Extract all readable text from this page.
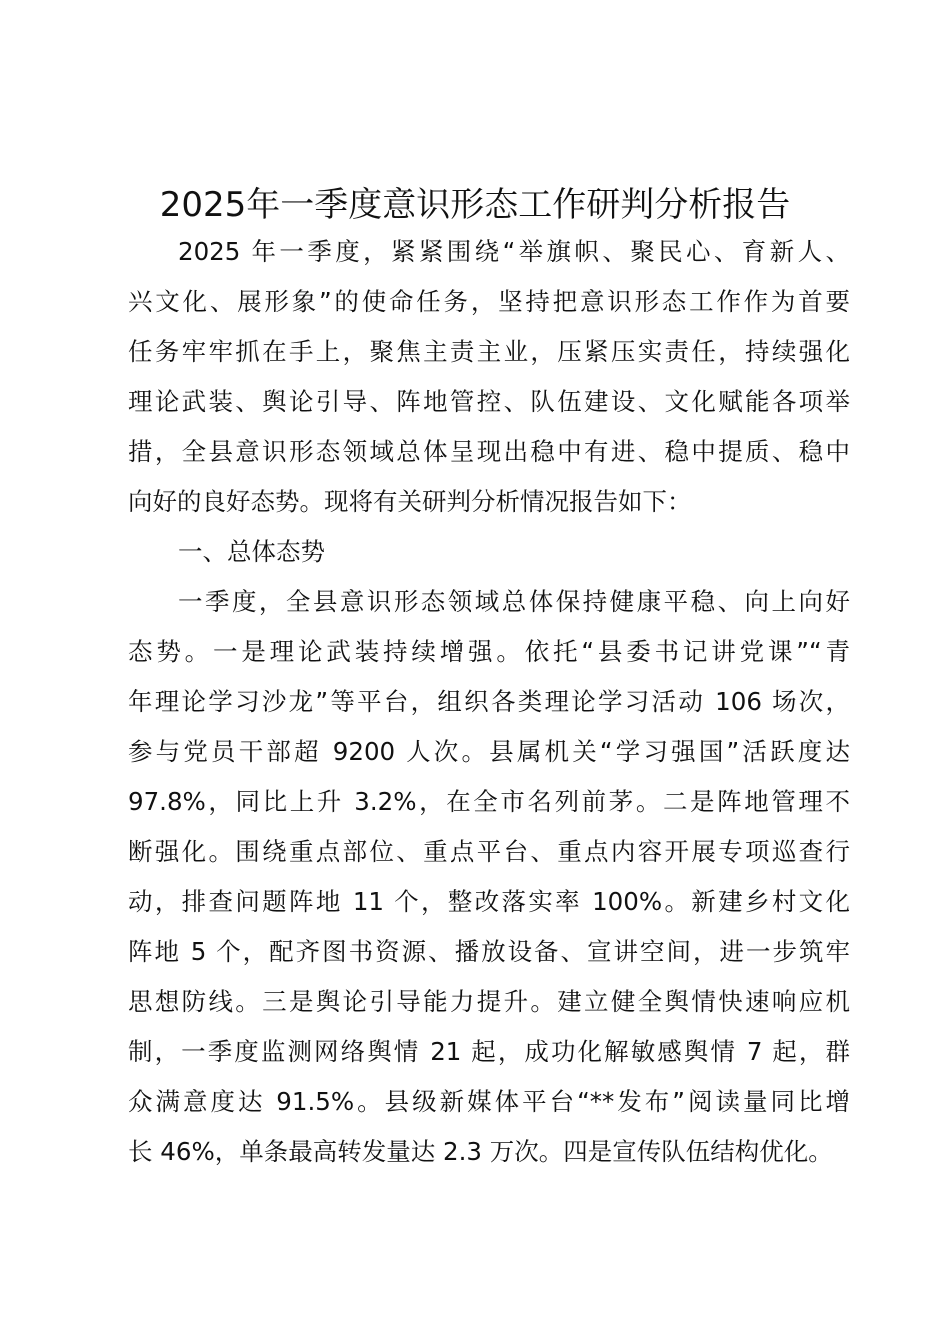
2025年一季度意识形态工作研判分析报告
2025 年一季度，紧紧围绕“举旗帜、聚民心、育新人、
兴文化、展形象”的使命任务，坚持把意识形态工作作为首要
任务牢牢抓在手上，聚焦主责主业，压紧压实责任，持续强化
理论武装、舆论引导、阵地管控、队伍建设、文化赋能各项举
措，全县意识形态领域总体呈现出稳中有进、稳中提质、稳中
向好的良好态势。现将有关研判分析情况报告如下：
一、总体态势
一季度，全县意识形态领域总体保持健康平稳、向上向好
态势。一是理论武装持续增强。依托“县委书记讲党课”“青
年理论学习沙龙”等平台，组织各类理论学习活动 106 场次，
参与党员干部超 9200 人次。县属机关“学习强国”活跃度达
97.8%，同比上升 3.2%，在全市名列前茅。二是阵地管理不
断强化。围绕重点部位、重点平台、重点内容开展专项巡查行
动，排查问题阵地 11 个，整改落实率 100%。新建乡村文化
阵地 5 个，配齐图书资源、播放设备、宣讲空间，进一步筑牢
思想防线。三是舆论引导能力提升。建立健全舆情快速响应机
制，一季度监测网络舆情 21 起，成功化解敏感舆情 7 起，群
众满意度达 91.5%。县级新媒体平台“**发布”阅读量同比增
长 46%，单条最高转发量达 2.3 万次。四是宣传队伍结构优化。
